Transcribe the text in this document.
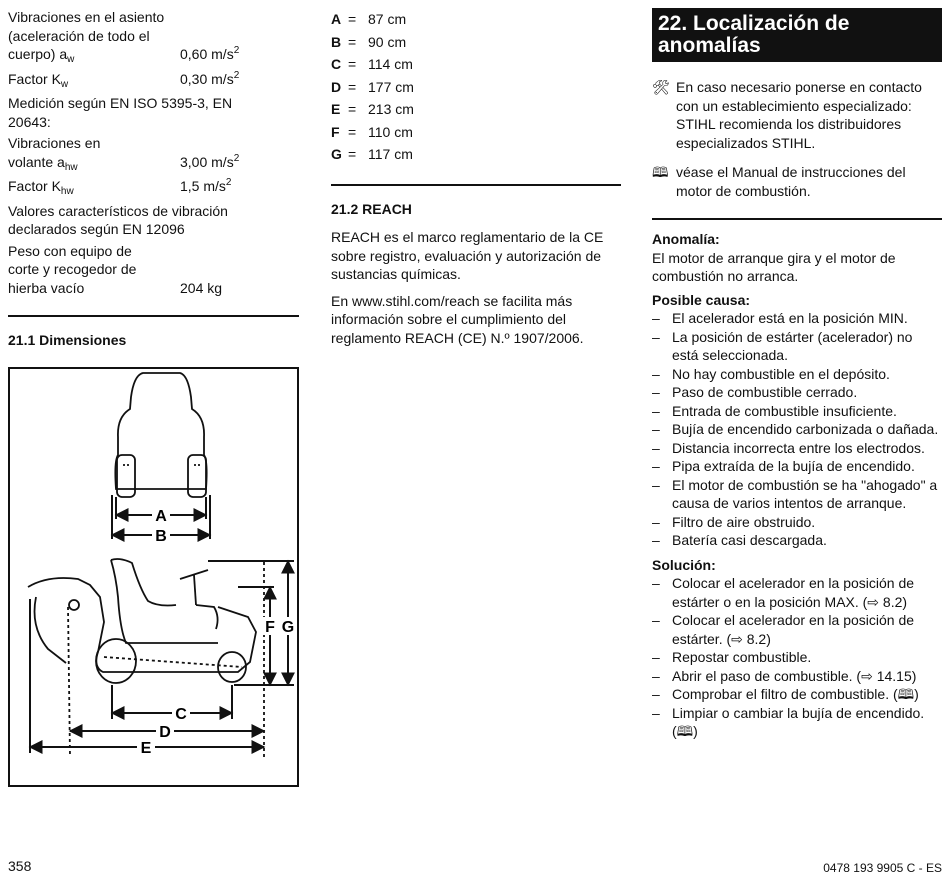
Vibraciones en el asiento (aceleración de todo el cuerpo) $a_w$	0,60 $m/s^2$
Factor $K_w$	0,30 $m/s^2$
Medición según EN ISO 5395-3, EN 20643:
Vibraciones en volante $a_{hw}$	3,00 $m/s^2$
Factor $K_{hw}$	1,5 $m/s^2$
Valores característicos de vibración declarados según EN 12096
Peso con equipo de corte y recogedor de hierba vacío	204 kg
21.1 Dimensiones
A
B
F G
C
D
E
A = 87 cm
B = 90 cm
C = 114 cm
D = 177 cm
E = 213 cm
F = 110 cm
G = 117 cm
21.2 REACH

REACH es el marco reglamentario de la CE sobre registro, evaluación y autorización de sustancias químicas.

En www.stihl.com/reach se facilita más información sobre el cumplimiento del reglamento REACH (CE) N.º 1907/2006.

22. Localización de anomalías
🛠 En caso necesario ponerse en contacto con un establecimiento especializado: STIHL recomienda los distribuidores especializados STIHL.
🕮 véase el Manual de instrucciones del motor de combustión.
Anomalía:
El motor de arranque gira y el motor de combustión no arranca.
Posible causa:
– El acelerador está en la posición MIN.
– La posición de estárter (acelerador) no está seleccionada.
– No hay combustible en el depósito.
– Paso de combustible cerrado.
– Entrada de combustible insuficiente.
– Bujía de encendido carbonizada o dañada.
– Distancia incorrecta entre los electrodos.
– Pipa extraída de la bujía de encendido.
– El motor de combustión se ha "ahogado" a causa de varios intentos de arranque.
– Filtro de aire obstruido.
– Batería casi descargada.
Solución:
– Colocar el acelerador en la posición de estárter o en la posición MAX. (⇨ 8.2)
– Colocar el acelerador en la posición de estárter. (⇨ 8.2)
– Repostar combustible.
– Abrir el paso de combustible. (⇨ 14.15)
– Comprobar el filtro de combustible. (🕮)
– Limpiar o cambiar la bujía de encendido. (🕮)
358	0478 193 9905 C - ES
